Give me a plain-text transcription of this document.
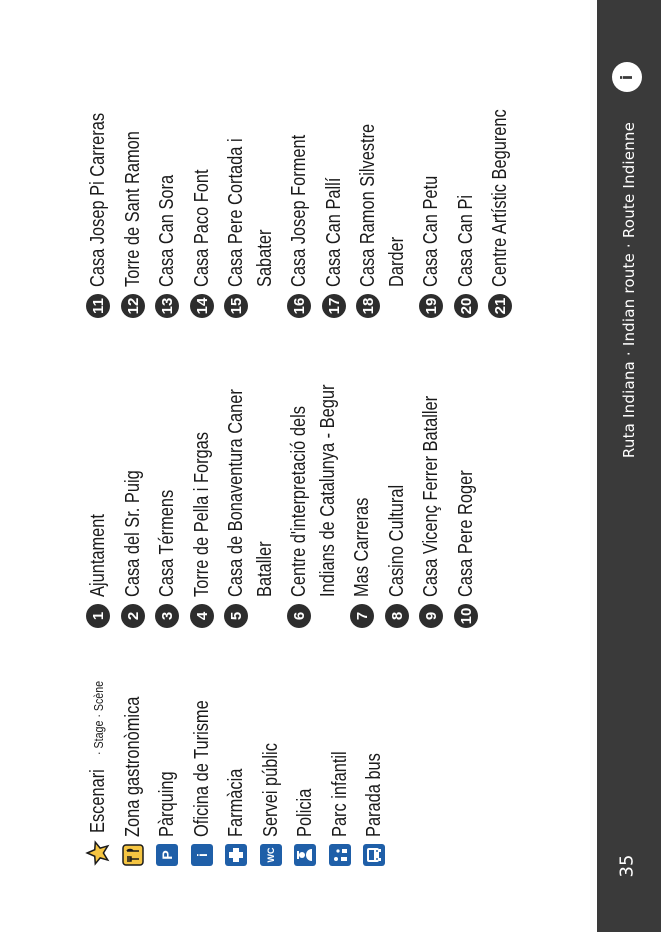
Ruta Indiana · Indian route · Route Indienne
i
35
Escenari
· Stage · Scène Zona gastronòmica
P
Pàrquing
i
Oficina de Turisme Farmàcia
WC
Servei públic Policia Parc infantil Parada bus
1
Ajuntament
2
Casa del Sr. Puig
3
Casa Térmens
4
Torre de Pella i Forgas
5
Casa de Bonaventura Caner Bataller
6
Centre d'interpretació dels Indians de Catalunya - Begur
7
Mas Carreras
8
Casino Cultural
9
Casa Vicenç Ferrer Bataller
10
Casa Pere Roger
11
Casa Josep Pi Carreras
12
Torre de Sant Ramon
13
Casa Can Sora
14
Casa Paco Font
15
Casa Pere Cortada i Sabater
16
Casa Josep Forment
17
Casa Can Pallí
18
Casa Ramon Silvestre Darder
19
Casa Can Petu
20
Casa Can Pi
21
Centre Artístic Begurenc
